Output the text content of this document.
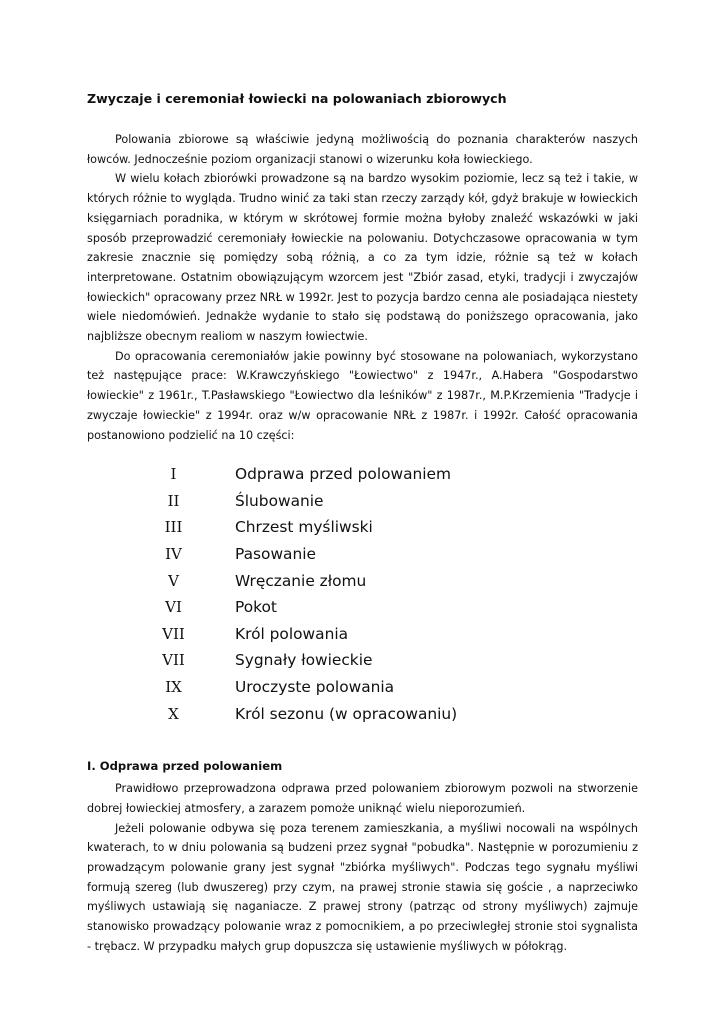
Zwyczaje i ceremoniał łowiecki na polowaniach zbiorowych

Polowania zbiorowe są właściwie jedyną możliwością do poznania charakterów naszych łowców. Jednocześnie poziom organizacji stanowi o wizerunku koła łowieckiego.

W wielu kołach zbiorówki prowadzone są na bardzo wysokim poziomie, lecz są też i takie, w których różnie to wygląda. Trudno winić za taki stan rzeczy zarządy kół, gdyż brakuje w łowieckich księgarniach poradnika, w którym w skrótowej formie można byłoby znaleźć wskazówki w jaki sposób przeprowadzić ceremoniały łowieckie na polowaniu. Dotychczasowe opracowania w tym zakresie znacznie się pomiędzy sobą różnią, a co za tym idzie, różnie są też w kołach interpretowane. Ostatnim obowiązującym wzorcem jest "Zbiór zasad, etyki, tradycji i zwyczajów łowieckich" opracowany przez NRŁ w 1992r. Jest to pozycja bardzo cenna ale posiadająca niestety wiele niedomówień. Jednakże wydanie to stało się podstawą do poniższego opracowania, jako najbliższe obecnym realiom w naszym łowiectwie.

Do opracowania ceremoniałów jakie powinny być stosowane na polowaniach, wykorzystano też następujące prace: W.Krawczyńskiego "Łowiectwo" z 1947r., A.Habera "Gospodarstwo łowieckie" z 1961r., T.Pasławskiego "Łowiectwo dla leśników" z 1987r., M.P.Krzemienia "Tradycje i zwyczaje łowieckie" z 1994r. oraz w/w opracowanie NRŁ z 1987r. i 1992r. Całość opracowania postanowiono podzielić na 10 części:

I	Odprawa przed polowaniem
II	Ślubowanie
III	Chrzest myśliwski
IV	Pasowanie
V	Wręczanie złomu
VI	Pokot
VII	Król polowania
VII	Sygnały łowieckie
IX	Uroczyste polowania
X	Król sezonu (w opracowaniu)
I. Odprawa przed polowaniem

Prawidłowo przeprowadzona odprawa przed polowaniem zbiorowym pozwoli na stworzenie dobrej łowieckiej atmosfery, a zarazem pomoże uniknąć wielu nieporozumień.

Jeżeli polowanie odbywa się poza terenem zamieszkania, a myśliwi nocowali na wspólnych kwaterach, to w dniu polowania są budzeni przez sygnał "pobudka". Następnie w porozumieniu z prowadzącym polowanie grany jest sygnał "zbiórka myśliwych". Podczas tego sygnału myśliwi formują szereg (lub dwuszereg) przy czym, na prawej stronie stawia się goście , a naprzeciwko myśliwych ustawiają się naganiacze. Z prawej strony (patrząc od strony myśliwych) zajmuje stanowisko prowadzący polowanie wraz z pomocnikiem, a po przeciwległej stronie stoi sygnalista - trębacz. W przypadku małych grup dopuszcza się ustawienie myśliwych w półokrąg.
